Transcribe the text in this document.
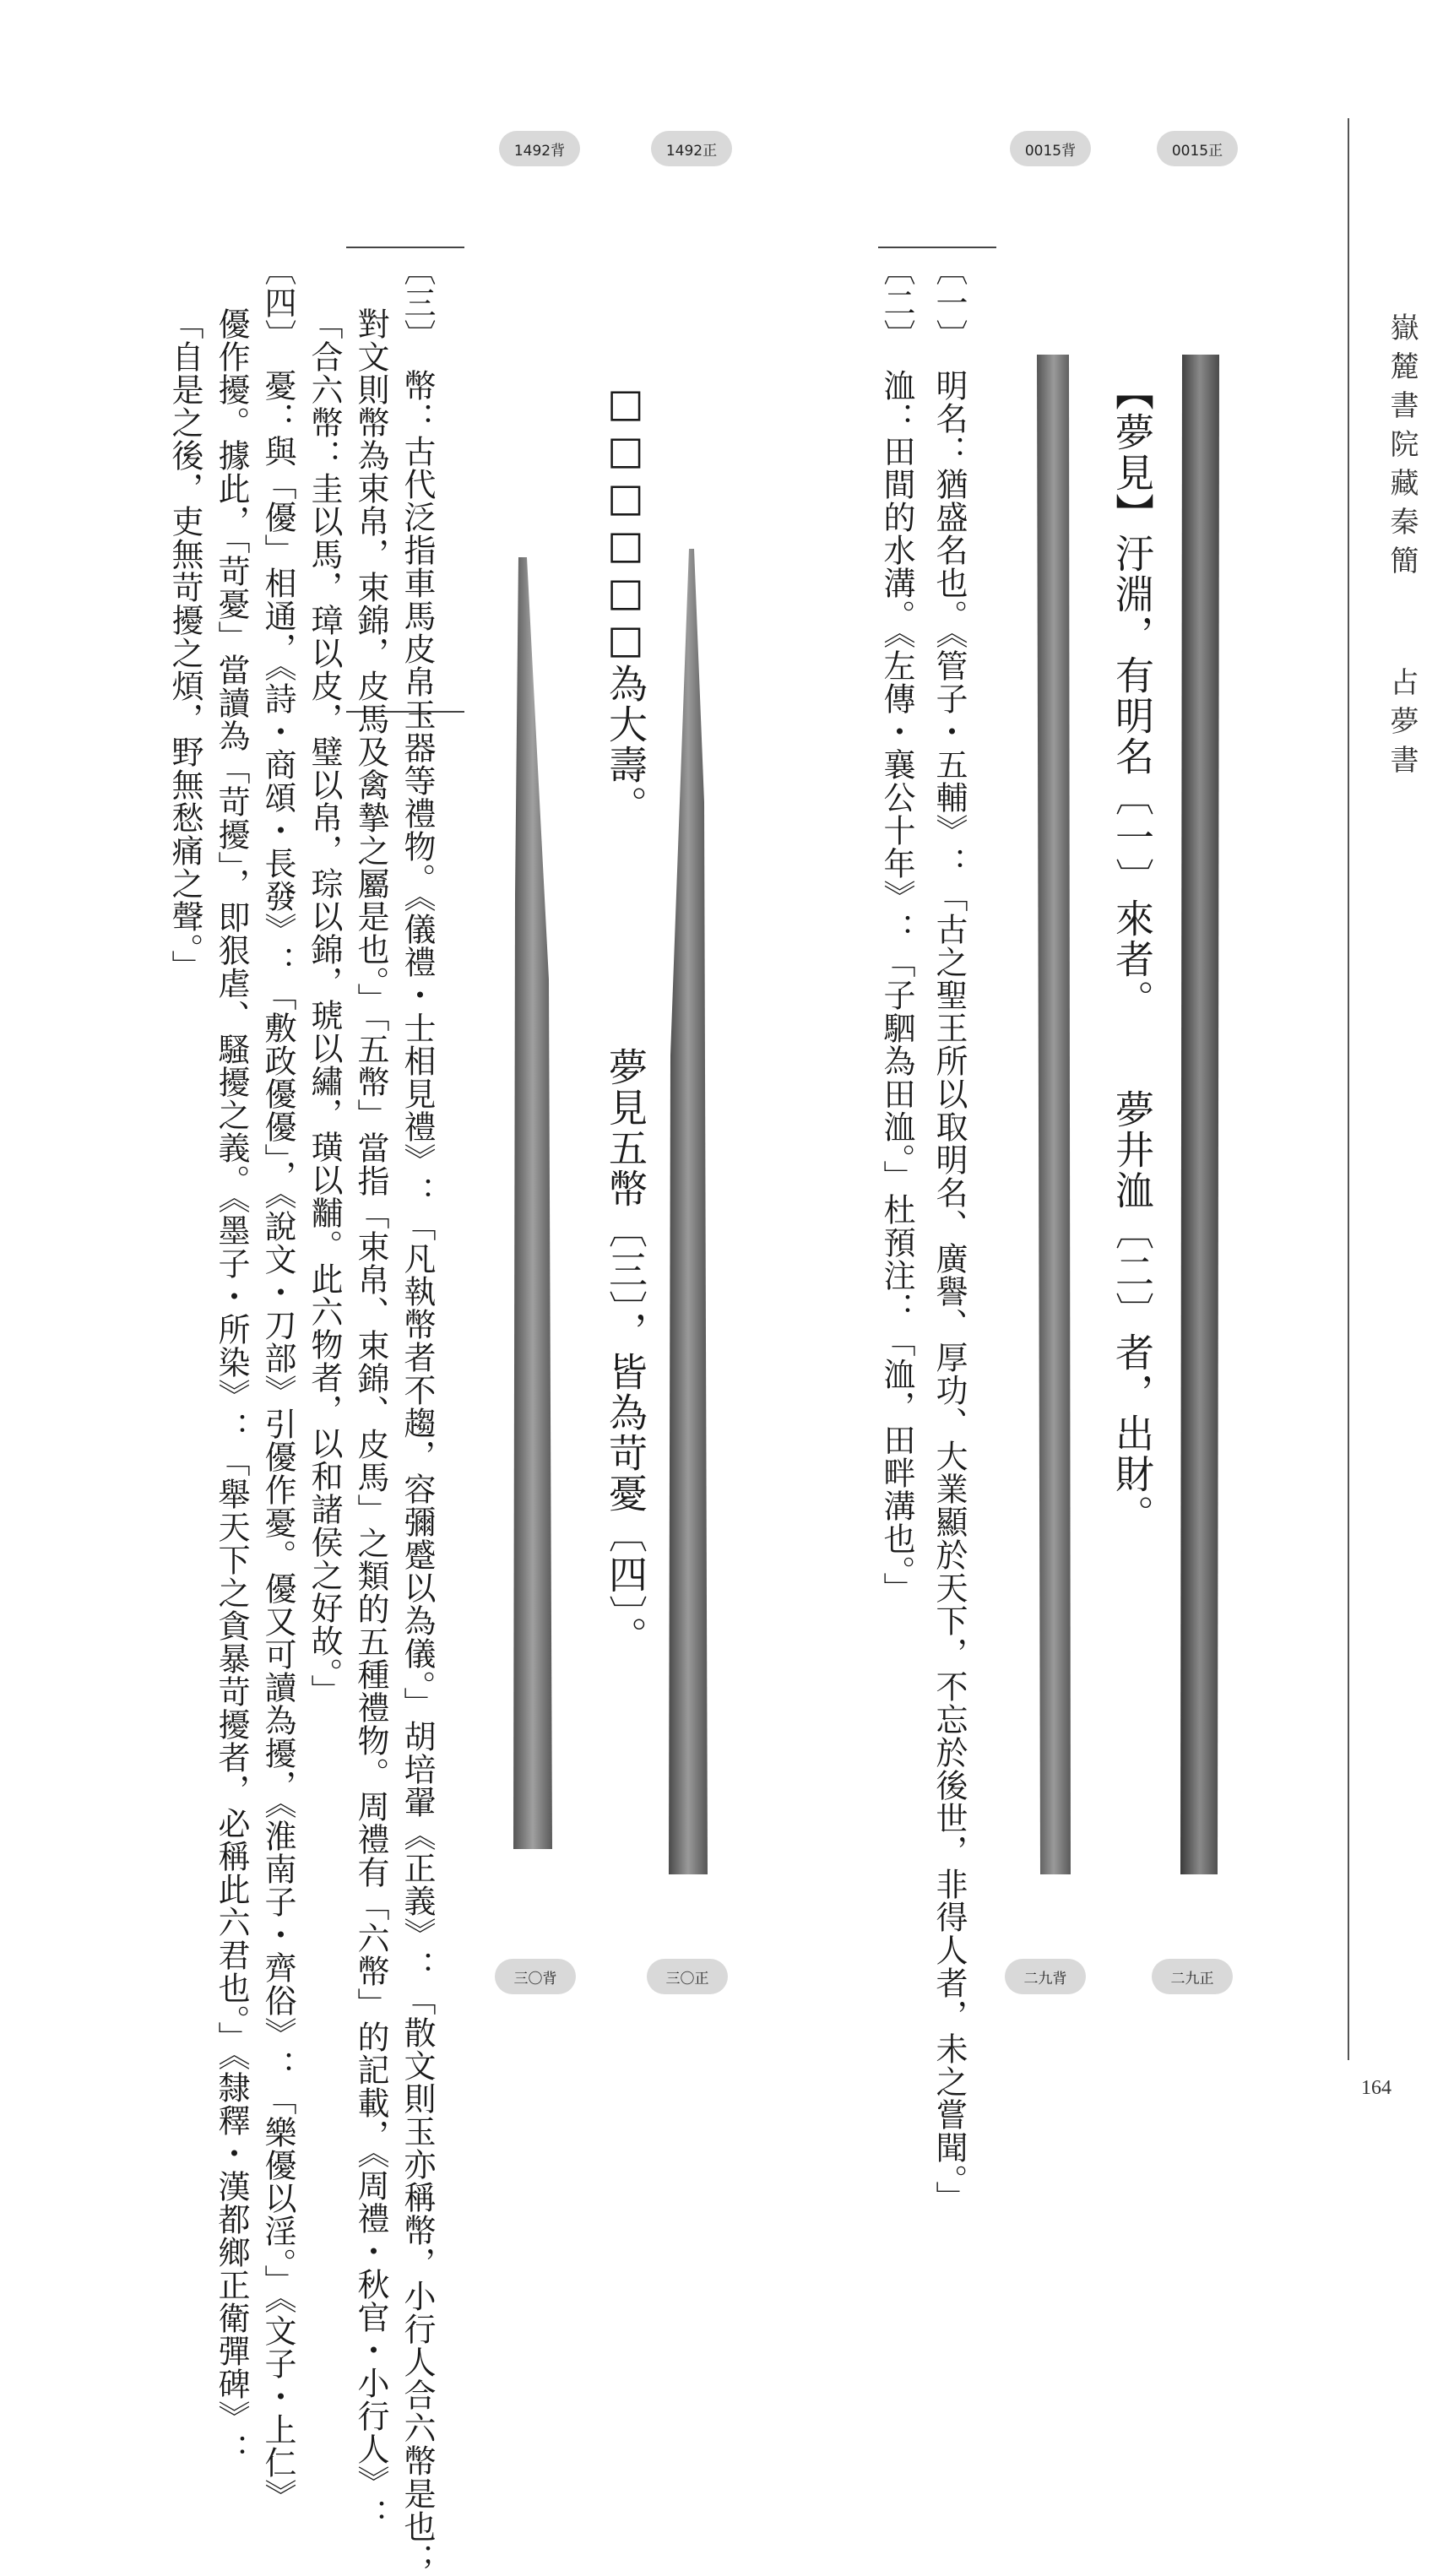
嶽麓書院藏秦簡
占夢書
164
1492背	1492正	0015背	0015正
三〇背	三〇正	二九背	二九正
【夢見】汙淵，有明名〔一〕來者。
夢井洫〔二〕者，出財。
□□□□□□為大壽。
夢見五幣〔三〕，皆為苛憂〔四〕。	〔一〕　明名：猶盛名也。《管子・五輔》：「古之聖王所以取明名、廣譽、厚功、大業顯於天下，不忘於後世，非得人者，未之嘗聞。」
〔二〕　洫：田間的水溝。《左傳・襄公十年》：「子駟為田洫。」杜預注：「洫，田畔溝也。」
〔三〕　幣：古代泛指車馬皮帛玉器等禮物。《儀禮・士相見禮》：「凡執幣者不趨，容彌蹙以為儀。」胡培翬《正義》：「散文則玉亦稱幣，小行人合六幣是也；
對文則幣為束帛，束錦，皮馬及禽摯之屬是也。」「五幣」當指「束帛、束錦、皮馬」之類的五種禮物。周禮有「六幣」的記載，《周禮・秋官・小行人》：
「合六幣：圭以馬，璋以皮，璧以帛，琮以錦，琥以繡，璜以黼。此六物者，以和諸侯之好故。」
〔四〕　憂：與「優」相通，《詩・商頌・長發》：「敷政優優」，《說文・刀部》引優作憂。優又可讀為擾，《淮南子・齊俗》：「樂優以淫。」《文子・上仁》
優作擾。據此，「苛憂」當讀為「苛擾」，即狠虐、騷擾之義。《墨子・所染》：「舉天下之貪暴苛擾者，必稱此六君也。」《隸釋・漢都鄉正衛彈碑》：
「自是之後，吏無苛擾之煩，野無愁痛之聲。」
